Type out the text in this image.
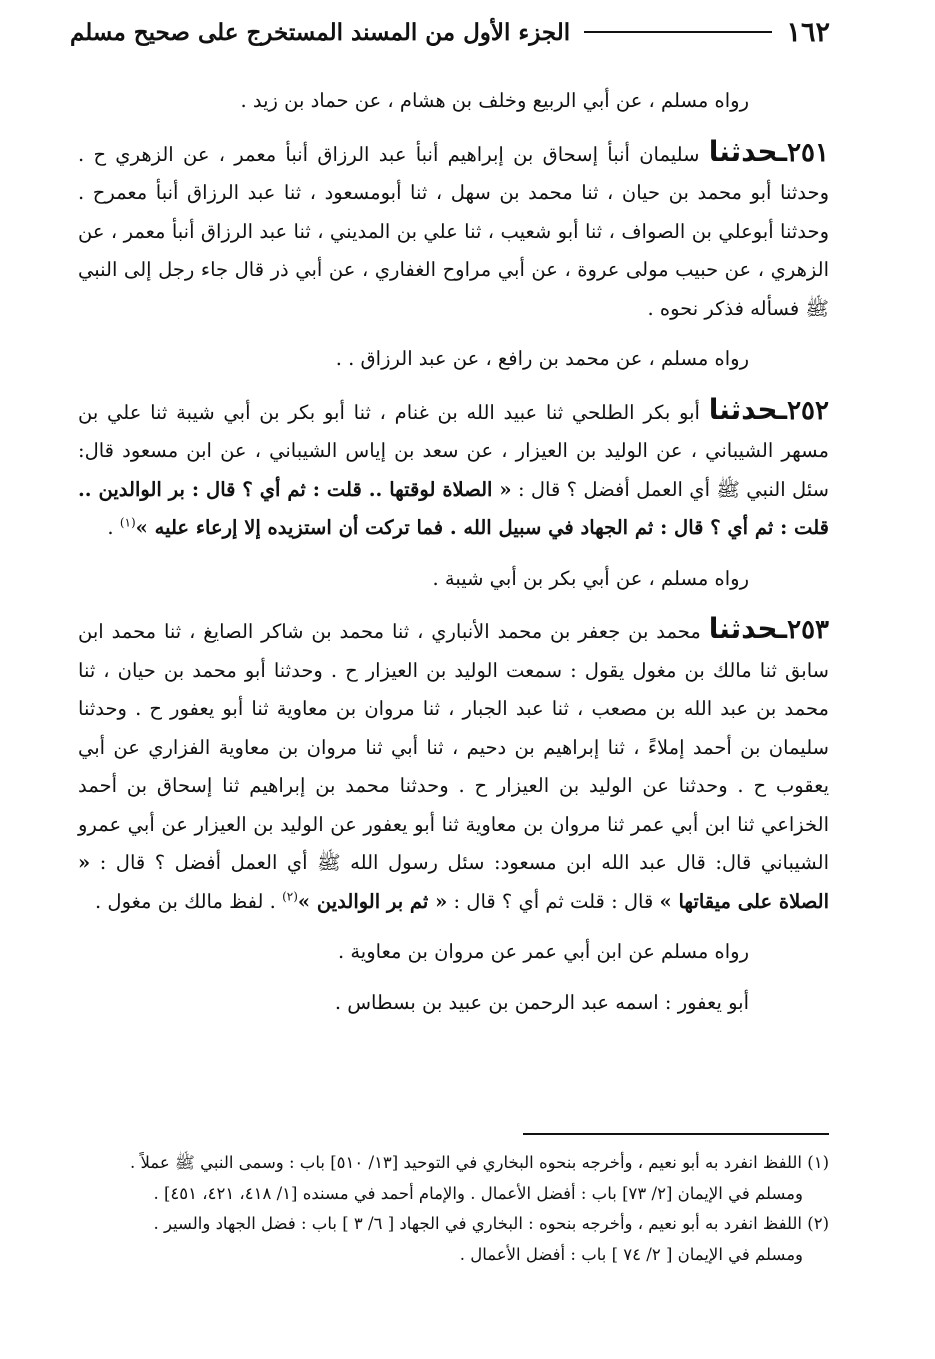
١٦٢
الجزء الأول من المسند المستخرج على صحيح مسلم

رواه مسلم ، عن أبي الربيع وخلف بن هشام ، عن حماد بن زيد .

٢٥١ـحدثنا سليمان أنبأ إسحاق بن إبراهيم أنبأ عبد الرزاق أنبأ معمر ، عن الزهري ح . وحدثنا أبو محمد بن حيان ، ثنا محمد بن سهل ، ثنا أبومسعود ، ثنا عبد الرزاق أنبأ معمرح . وحدثنا أبوعلي بن الصواف ، ثنا أبو شعيب ، ثنا علي بن المديني ، ثنا عبد الرزاق أنبأ معمر ، عن الزهري ، عن حبيب مولى عروة ، عن أبي مراوح الغفاري ، عن أبي ذر قال جاء رجل إلى النبي ﷺ فسأله فذكر نحوه .

رواه مسلم ، عن محمد بن رافع ، عن عبد الرزاق . .

٢٥٢ـحدثنا أبو بكر الطلحي ثنا عبيد الله بن غنام ، ثنا أبو بكر بن أبي شيبة ثنا علي بن مسهر الشيباني ، عن الوليد بن العيزار ، عن سعد بن إياس الشيباني ، عن ابن مسعود قال: سئل النبي ﷺ أي العمل أفضل ؟ قال : « الصلاة لوقتها .. قلت : ثم أي ؟ قال : بر الوالدين .. قلت : ثم أي ؟ قال : ثم الجهاد في سبيل الله . فما تركت أن استزيده إلا إرعاء عليه »$^{(١)}$ .

رواه مسلم ، عن أبي بكر بن أبي شيبة .

٢٥٣ـحدثنا محمد بن جعفر بن محمد الأنباري ، ثنا محمد بن شاكر الصايغ ، ثنا محمد ابن سابق ثنا مالك بن مغول يقول : سمعت الوليد بن العيزار ح . وحدثنا أبو محمد بن حيان ، ثنا محمد بن عبد الله بن مصعب ، ثنا عبد الجبار ، ثنا مروان بن معاوية ثنا أبو يعفور ح . وحدثنا سليمان بن أحمد إملاءً ، ثنا إبراهيم بن دحيم ، ثنا أبي ثنا مروان بن معاوية الفزاري عن أبي يعقوب ح . وحدثنا عن الوليد بن العيزار ح . وحدثنا محمد بن إبراهيم ثنا إسحاق بن أحمد الخزاعي ثنا ابن أبي عمر ثنا مروان بن معاوية ثنا أبو يعفور عن الوليد بن العيزار عن أبي عمرو الشيباني قال: قال عبد الله ابن مسعود: سئل رسول الله ﷺ أي العمل أفضل ؟ قال : « الصلاة على ميقاتها » قال : قلت ثم أي ؟ قال : « ثم بر الوالدين »$^{(٢)}$ . لفظ مالك بن مغول .

رواه مسلم عن ابن أبي عمر عن مروان بن معاوية .

أبو يعفور : اسمه عبد الرحمن بن عبيد بن بسطاس .

(١) اللفظ انفرد به أبو نعيم ، وأخرجه بنحوه البخاري في التوحيد [١٣/ ٥١٠] باب : وسمى النبي ﷺ عملاً .

ومسلم في الإيمان [٢/ ٧٣] باب : أفضل الأعمال . والإمام أحمد في مسنده [١/ ٤١٨، ٤٢١، ٤٥١] .

(٢) اللفظ انفرد به أبو نعيم ، وأخرجه بنحوه : البخاري في الجهاد [ ٦/ ٣ ] باب : فضل الجهاد والسير .

ومسلم في الإيمان [ ٢/ ٧٤ ] باب : أفضل الأعمال .
